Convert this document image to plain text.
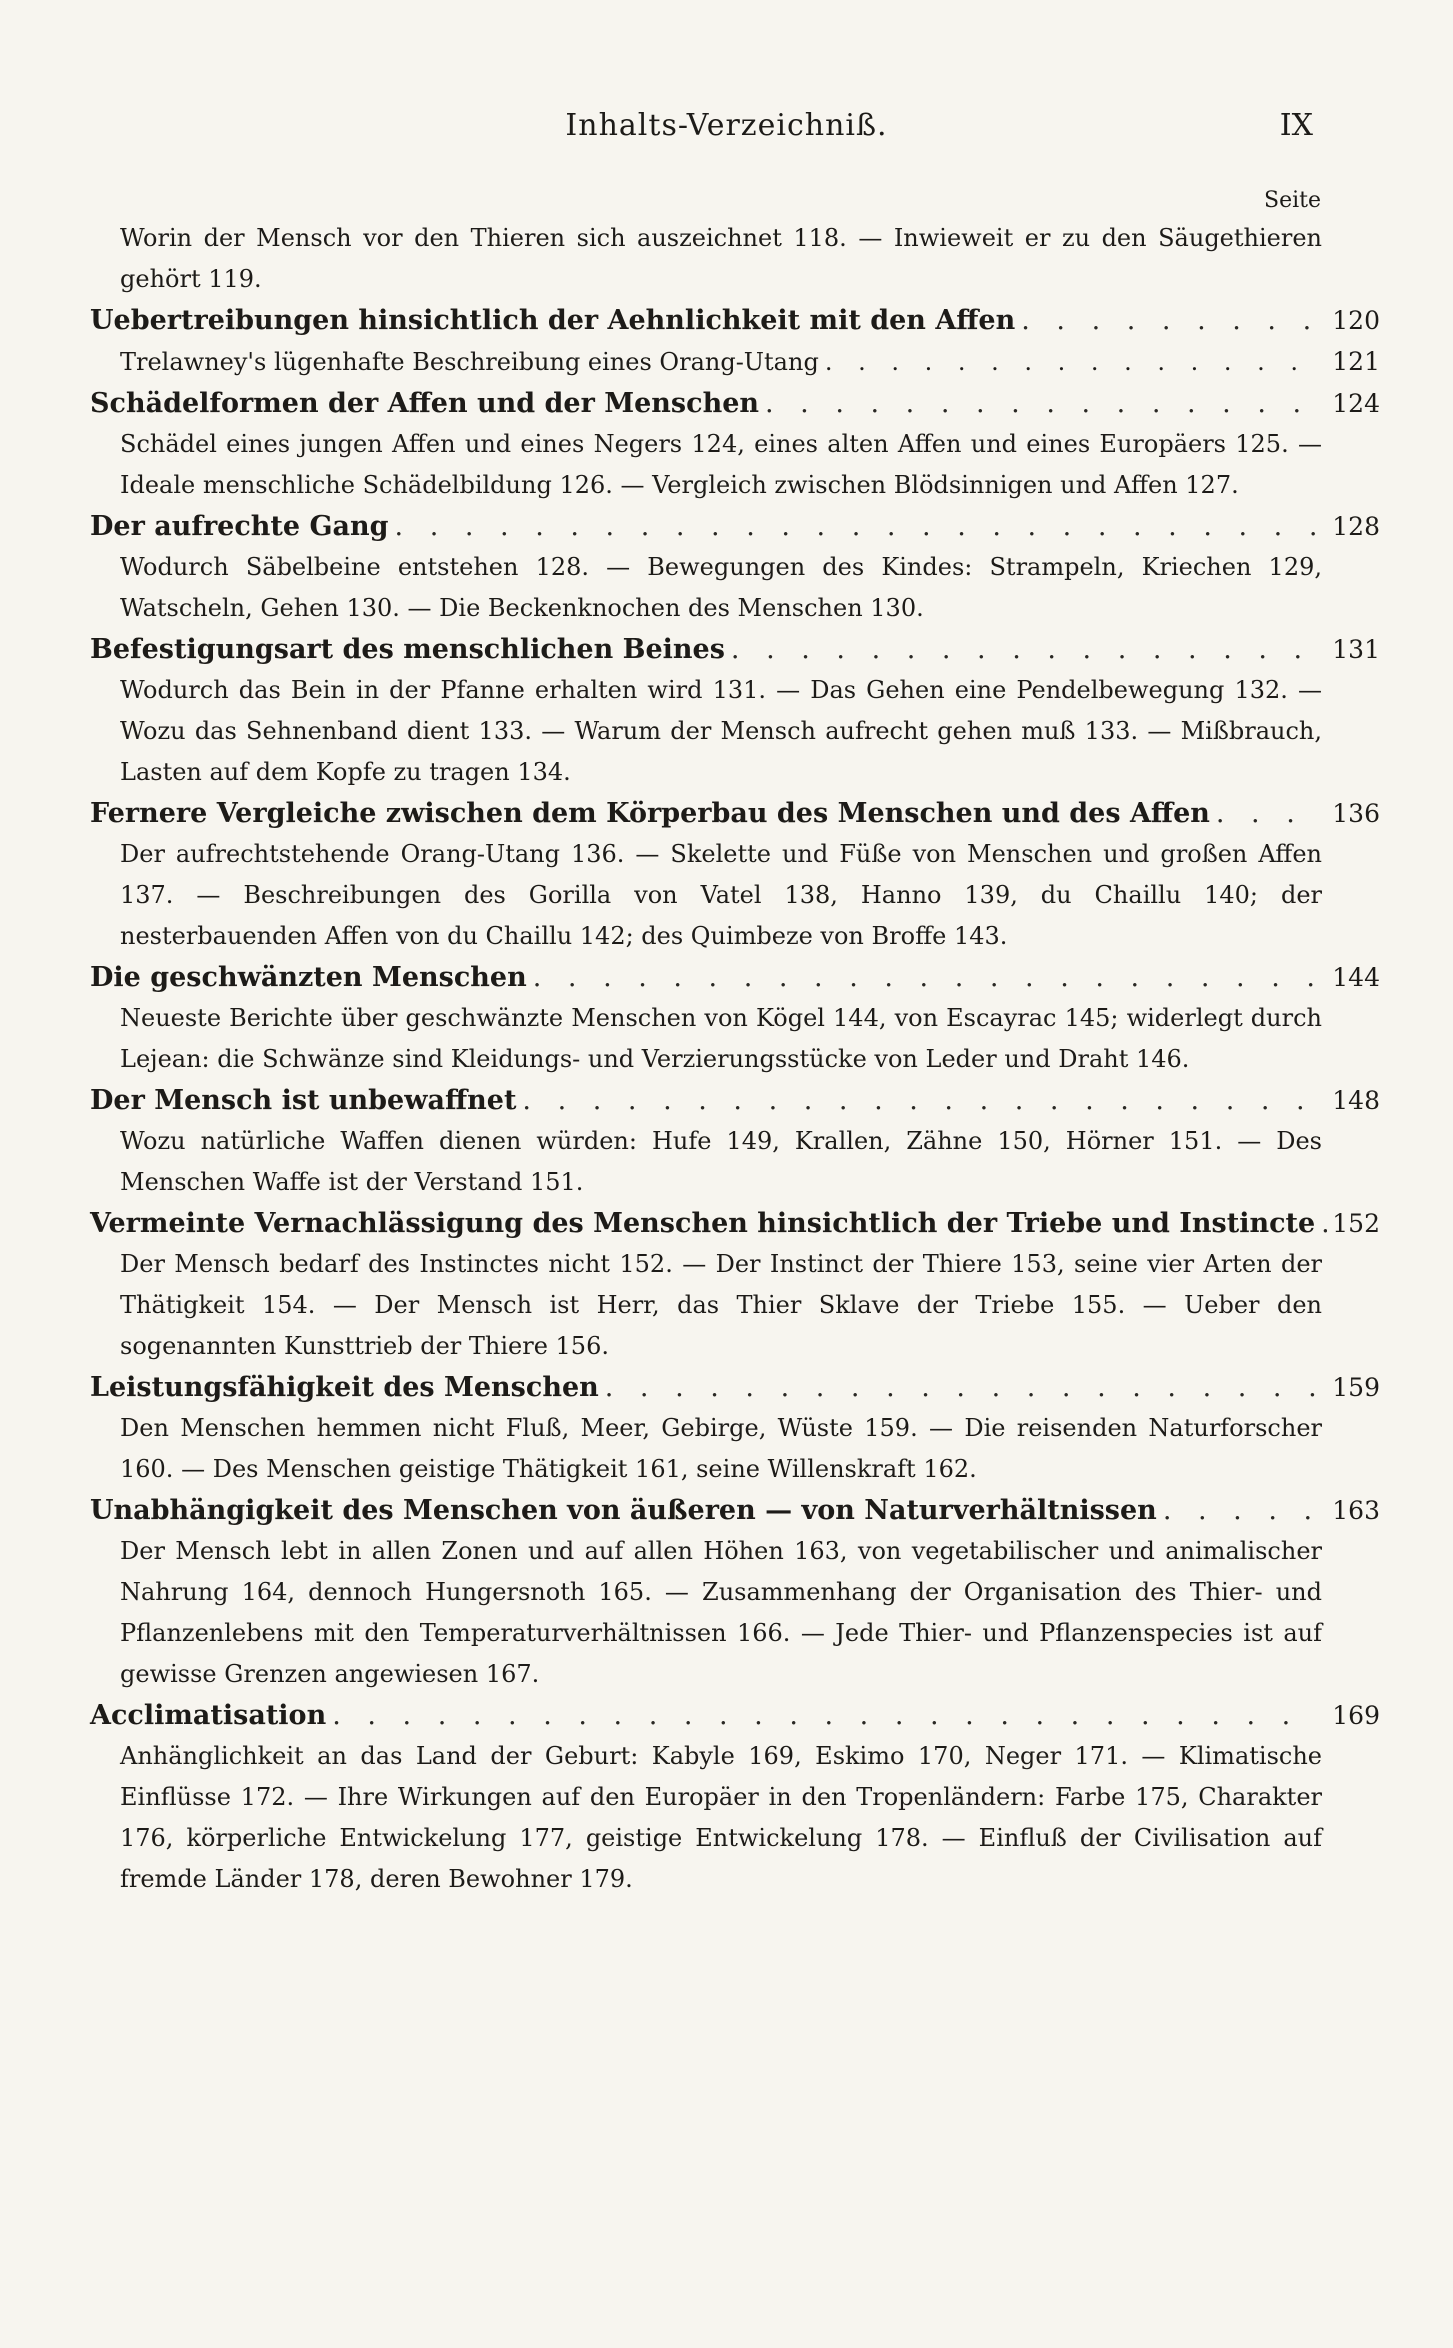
Inhalts-Verzeichniß.	IX
Seite
Worin der Mensch vor den Thieren sich auszeichnet 118. — Inwieweit er zu den Säugethieren gehört 119.
Uebertreibungen hinsichtlich der Aehnlichkeit mit den Affen . . .	120
Trelawney's lügenhafte Beschreibung eines Orang-Utang . . .	121
Schädelformen der Affen und der Menschen . . .	124
Schädel eines jungen Affen und eines Negers 124, eines alten Affen und eines Europäers 125. — Ideale menschliche Schädelbildung 126. — Vergleich zwischen Blödsinnigen und Affen 127.
Der aufrechte Gang . . .	128
Wodurch Säbelbeine entstehen 128. — Bewegungen des Kindes: Strampeln, Kriechen 129, Watscheln, Gehen 130. — Die Beckenknochen des Menschen 130.
Befestigungsart des menschlichen Beines . . .	131
Wodurch das Bein in der Pfanne erhalten wird 131. — Das Gehen eine Pendelbewegung 132. — Wozu das Sehnenband dient 133. — Warum der Mensch aufrecht gehen muß 133. — Mißbrauch, Lasten auf dem Kopfe zu tragen 134.
Fernere Vergleiche zwischen dem Körperbau des Menschen und des Affen . . .	136
Der aufrechtstehende Orang-Utang 136. — Skelette und Füße von Menschen und großen Affen 137. — Beschreibungen des Gorilla von Vatel 138, Hanno 139, du Chaillu 140; der nesterbauenden Affen von du Chaillu 142; des Quimbeze von Broffe 143.
Die geschwänzten Menschen . . .	144
Neueste Berichte über geschwänzte Menschen von Kögel 144, von Escayrac 145; widerlegt durch Lejean: die Schwänze sind Kleidungs- und Verzierungsstücke von Leder und Draht 146.
Der Mensch ist unbewaffnet . . .	148
Wozu natürliche Waffen dienen würden: Hufe 149, Krallen, Zähne 150, Hörner 151. — Des Menschen Waffe ist der Verstand 151.
Vermeinte Vernachlässigung des Menschen hinsichtlich der Triebe und Instincte . . . 152
Der Mensch bedarf des Instinctes nicht 152. — Der Instinct der Thiere 153, seine vier Arten der Thätigkeit 154. — Der Mensch ist Herr, das Thier Sklave der Triebe 155. — Ueber den sogenannten Kunsttrieb der Thiere 156.
Leistungsfähigkeit des Menschen . . .	159
Den Menschen hemmen nicht Fluß, Meer, Gebirge, Wüste 159. — Die reisenden Naturforscher 160. — Des Menschen geistige Thätigkeit 161, seine Willenskraft 162.
Unabhängigkeit des Menschen von äußeren — von Naturverhältnissen . . .	163
Der Mensch lebt in allen Zonen und auf allen Höhen 163, von vegetabilischer und animalischer Nahrung 164, dennoch Hungersnoth 165. — Zusammenhang der Organisation des Thier- und Pflanzenlebens mit den Temperaturverhältnissen 166. — Jede Thier- und Pflanzenspecies ist auf gewisse Grenzen angewiesen 167.
Acclimatisation . . .	169
Anhänglichkeit an das Land der Geburt: Kabyle 169, Eskimo 170, Neger 171. — Klimatische Einflüsse 172. — Ihre Wirkungen auf den Europäer in den Tropenländern: Farbe 175, Charakter 176, körperliche Entwickelung 177, geistige Entwickelung 178. — Einfluß der Civilisation auf fremde Länder 178, deren Bewohner 179.
